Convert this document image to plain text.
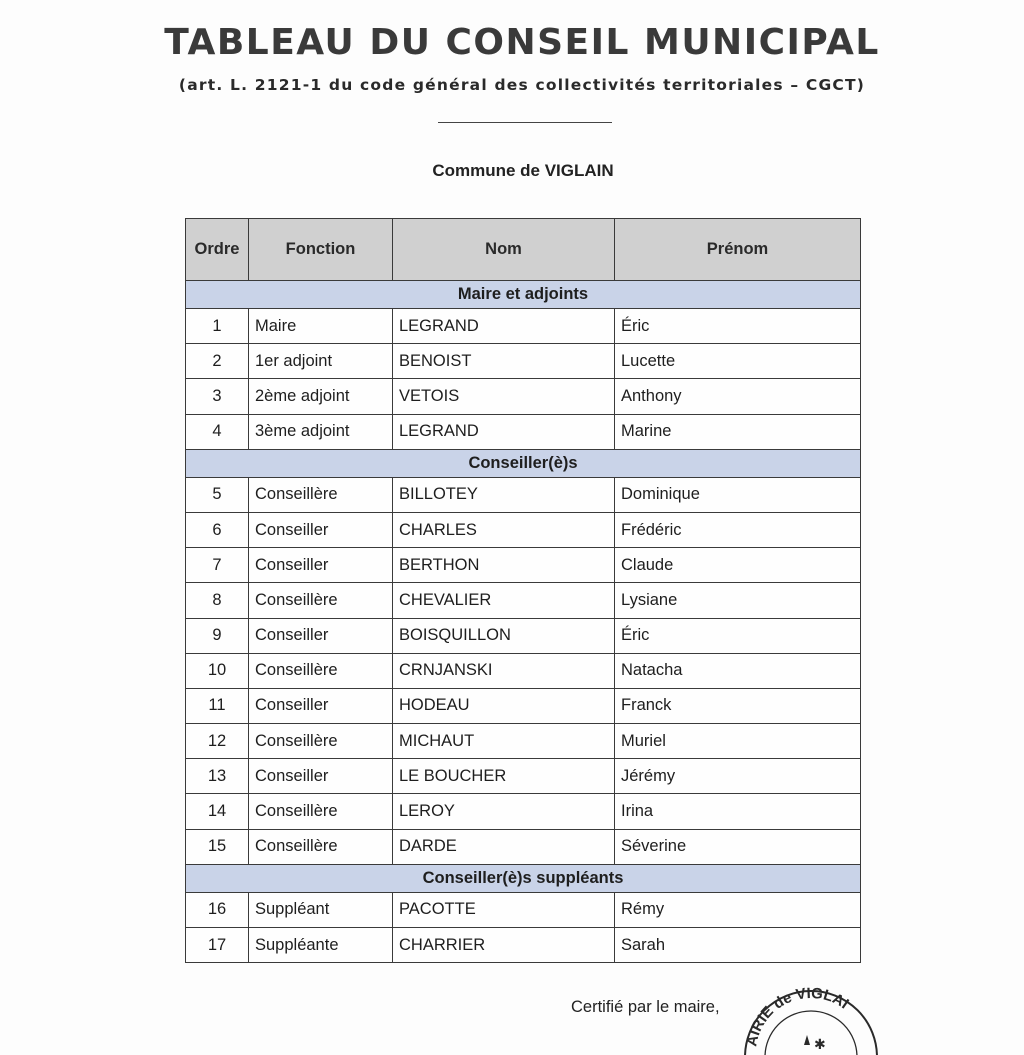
TABLEAU DU CONSEIL MUNICIPAL
(art. L. 2121-1 du code général des collectivités territoriales – CGCT)
Commune de VIGLAIN
Ordre	Fonction	Nom	Prénom
Maire et adjoints			
1	Maire	LEGRAND	Éric
2	1er adjoint	BENOIST	Lucette
3	2ème adjoint	VETOIS	Anthony
4	3ème adjoint	LEGRAND	Marine
Conseiller(è)s			
5	Conseillère	BILLOTEY	Dominique
6	Conseiller	CHARLES	Frédéric
7	Conseiller	BERTHON	Claude
8	Conseillère	CHEVALIER	Lysiane
9	Conseiller	BOISQUILLON	Éric
10	Conseillère	CRNJANSKI	Natacha
11	Conseiller	HODEAU	Franck
12	Conseillère	MICHAUT	Muriel
13	Conseiller	LE BOUCHER	Jérémy
14	Conseillère	LEROY	Irina
15	Conseillère	DARDE	Séverine
Conseiller(è)s suppléants			
16	Suppléant	PACOTTE	Rémy
17	Suppléante	CHARRIER	Sarah
Certifié par le maire,
AIRIE de VIGLAI
✱
